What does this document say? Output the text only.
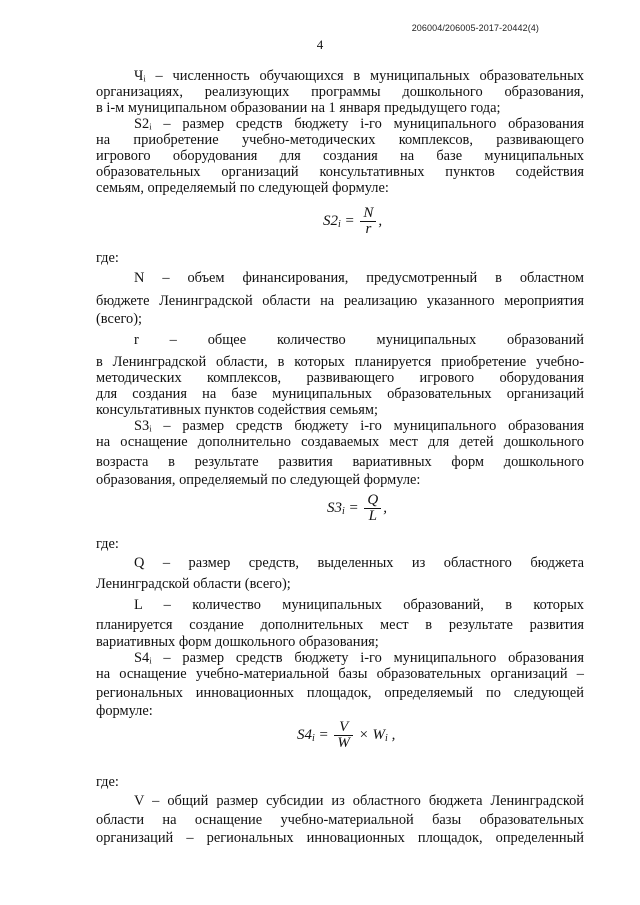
206004/206005-2017-20442(4)
4
Чᵢ – численность обучающихся в муниципальных образовательных
организациях, реализующих программы дошкольного образования,
в i-м муниципальном образовании на 1 января предыдущего года;
S2ᵢ – размер средств бюджету i-го муниципального образования
на приобретение учебно-методических комплексов, развивающего
игрового оборудования для создания на базе муниципальных
образовательных организаций консультативных пунктов содействия
семьям, определяемый по следующей формуле:
$S2_i = \frac{N}{r}$ ,
где:
N – объем финансирования, предусмотренный в областном
бюджете Ленинградской области на реализацию указанного мероприятия
(всего);
r – общее количество муниципальных образований
в Ленинградской области, в которых планируется приобретение учебно-
методических комплексов, развивающего игрового оборудования
для создания на базе муниципальных образовательных организаций
консультативных пунктов содействия семьям;
S3ᵢ – размер средств бюджету i-го муниципального образования
на оснащение дополнительно создаваемых мест для детей дошкольного
возраста в результате развития вариативных форм дошкольного
образования, определяемый по следующей формуле:
$S3_i = \frac{Q}{L}$ ,
где:
Q – размер средств, выделенных из областного бюджета
Ленинградской области (всего);
L – количество муниципальных образований, в которых
планируется создание дополнительных мест в результате развития
вариативных форм дошкольного образования;
S4ᵢ – размер средств бюджету i-го муниципального образования
на оснащение учебно-материальной базы образовательных организаций –
региональных инновационных площадок, определяемый по следующей
формуле:
$S4_i = \frac{V}{W} \times W_i$ ,
где:
V – общий размер субсидии из областного бюджета Ленинградской
области на оснащение учебно-материальной базы образовательных
организаций – региональных инновационных площадок, определенный
